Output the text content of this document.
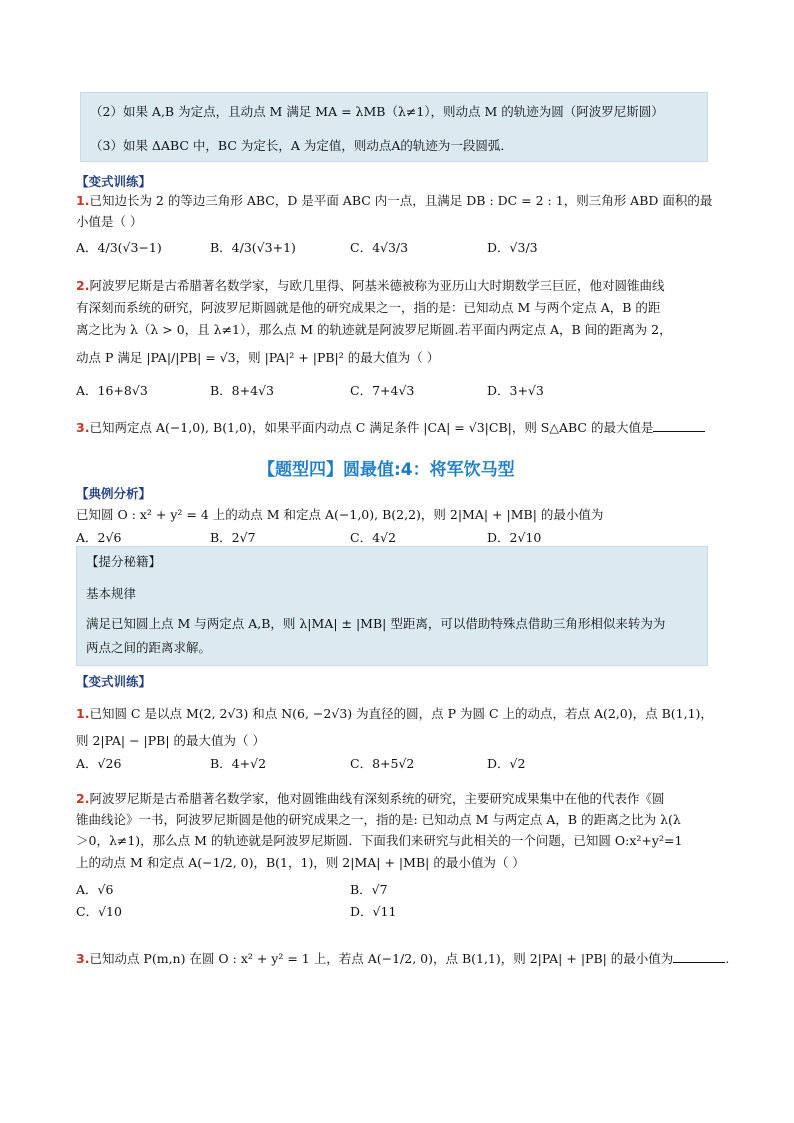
（2）如果 A,B 为定点，且动点 M 满足 MA = λMB（λ≠1），则动点 M 的轨迹为圆（阿波罗尼斯圆）
（3）如果 ΔABC 中，BC 为定长，A 为定值，则动点A的轨迹为一段圆弧．
【变式训练】
1.已知边长为 2 的等边三角形 ABC，D 是平面 ABC 内一点，且满足 DB : DC = 2 : 1，则三角形 ABD 面积的最
小值是（ ）
A．4/3(√3−1)	B．4/3(√3+1)	C．4√3/3	D．√3/3
2.阿波罗尼斯是古希腊著名数学家，与欧几里得、阿基米德被称为亚历山大时期数学三巨匠，他对圆锥曲线
有深刻而系统的研究，阿波罗尼斯圆就是他的研究成果之一，指的是：已知动点 M 与两个定点 A，B 的距
离之比为 λ（λ > 0，且 λ≠1），那么点 M 的轨迹就是阿波罗尼斯圆.若平面内两定点 A，B 间的距离为 2，
动点 P 满足 |PA|/|PB| = √3，则 |PA|² + |PB|² 的最大值为（ ）
A．16+8√3	B．8+4√3	C．7+4√3	D．3+√3
3.已知两定点 A(−1,0), B(1,0)，如果平面内动点 C 满足条件 |CA| = √3|CB|，则 S△ABC 的最大值是
【题型四】圆最值:4：将军饮马型
【典例分析】
已知圆 O : x² + y² = 4 上的动点 M 和定点 A(−1,0), B(2,2)，则 2|MA| + |MB| 的最小值为
A．2√6	B．2√7	C．4√2	D．2√10
【提分秘籍】
基本规律
满足已知圆上点 M 与两定点 A,B，则 λ|MA| ± |MB| 型距离，可以借助特殊点借助三角形相似来转为为
两点之间的距离求解。
【变式训练】
1.已知圆 C 是以点 M(2, 2√3) 和点 N(6, −2√3) 为直径的圆，点 P 为圆 C 上的动点，若点 A(2,0)，点 B(1,1)，
则 2|PA| − |PB| 的最大值为（ ）
A．√26	B．4+√2	C．8+5√2	D．√2
2.阿波罗尼斯是古希腊著名数学家，他对圆锥曲线有深刻系统的研究，主要研究成果集中在他的代表作《圆
锥曲线论》一书，阿波罗尼斯圆是他的研究成果之一，指的是: 已知动点 M 与两定点 A，B 的距离之比为 λ(λ
＞0，λ≠1)，那么点 M 的轨迹就是阿波罗尼斯圆．下面我们来研究与此相关的一个问题，已知圆 O:x²+y²=1
上的动点 M 和定点 A(−1/2, 0)，B(1，1)，则 2|MA| + |MB| 的最小值为（ ）
A．√6	B．√7
C．√10	D．√11
3.已知动点 P(m,n) 在圆 O : x² + y² = 1 上，若点 A(−1/2, 0)，点 B(1,1)，则 2|PA| + |PB| 的最小值为	.
